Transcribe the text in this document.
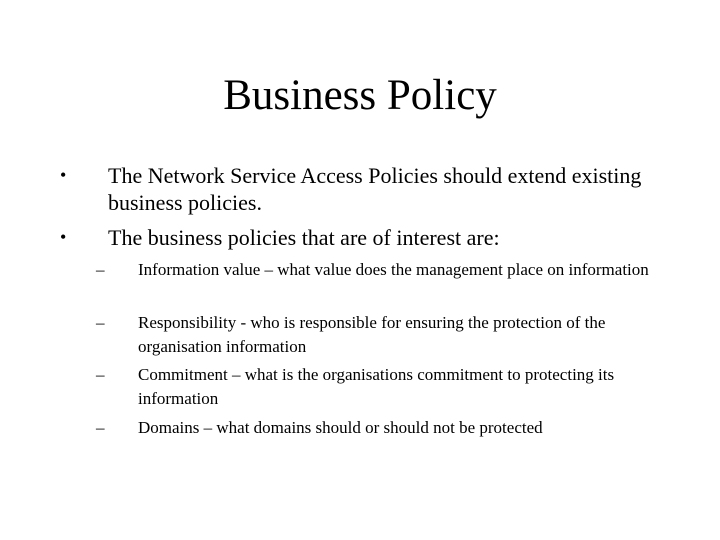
Business Policy
•	The Network Service Access Policies should extend existing business policies.
•	The business policies that are of interest are:
–	Information value – what value does the management place on information
–	Responsibility - who is responsible for ensuring the protection of the organisation information
–	Commitment – what is the organisations commitment to protecting its information
–	Domains – what domains should or should not be protected
